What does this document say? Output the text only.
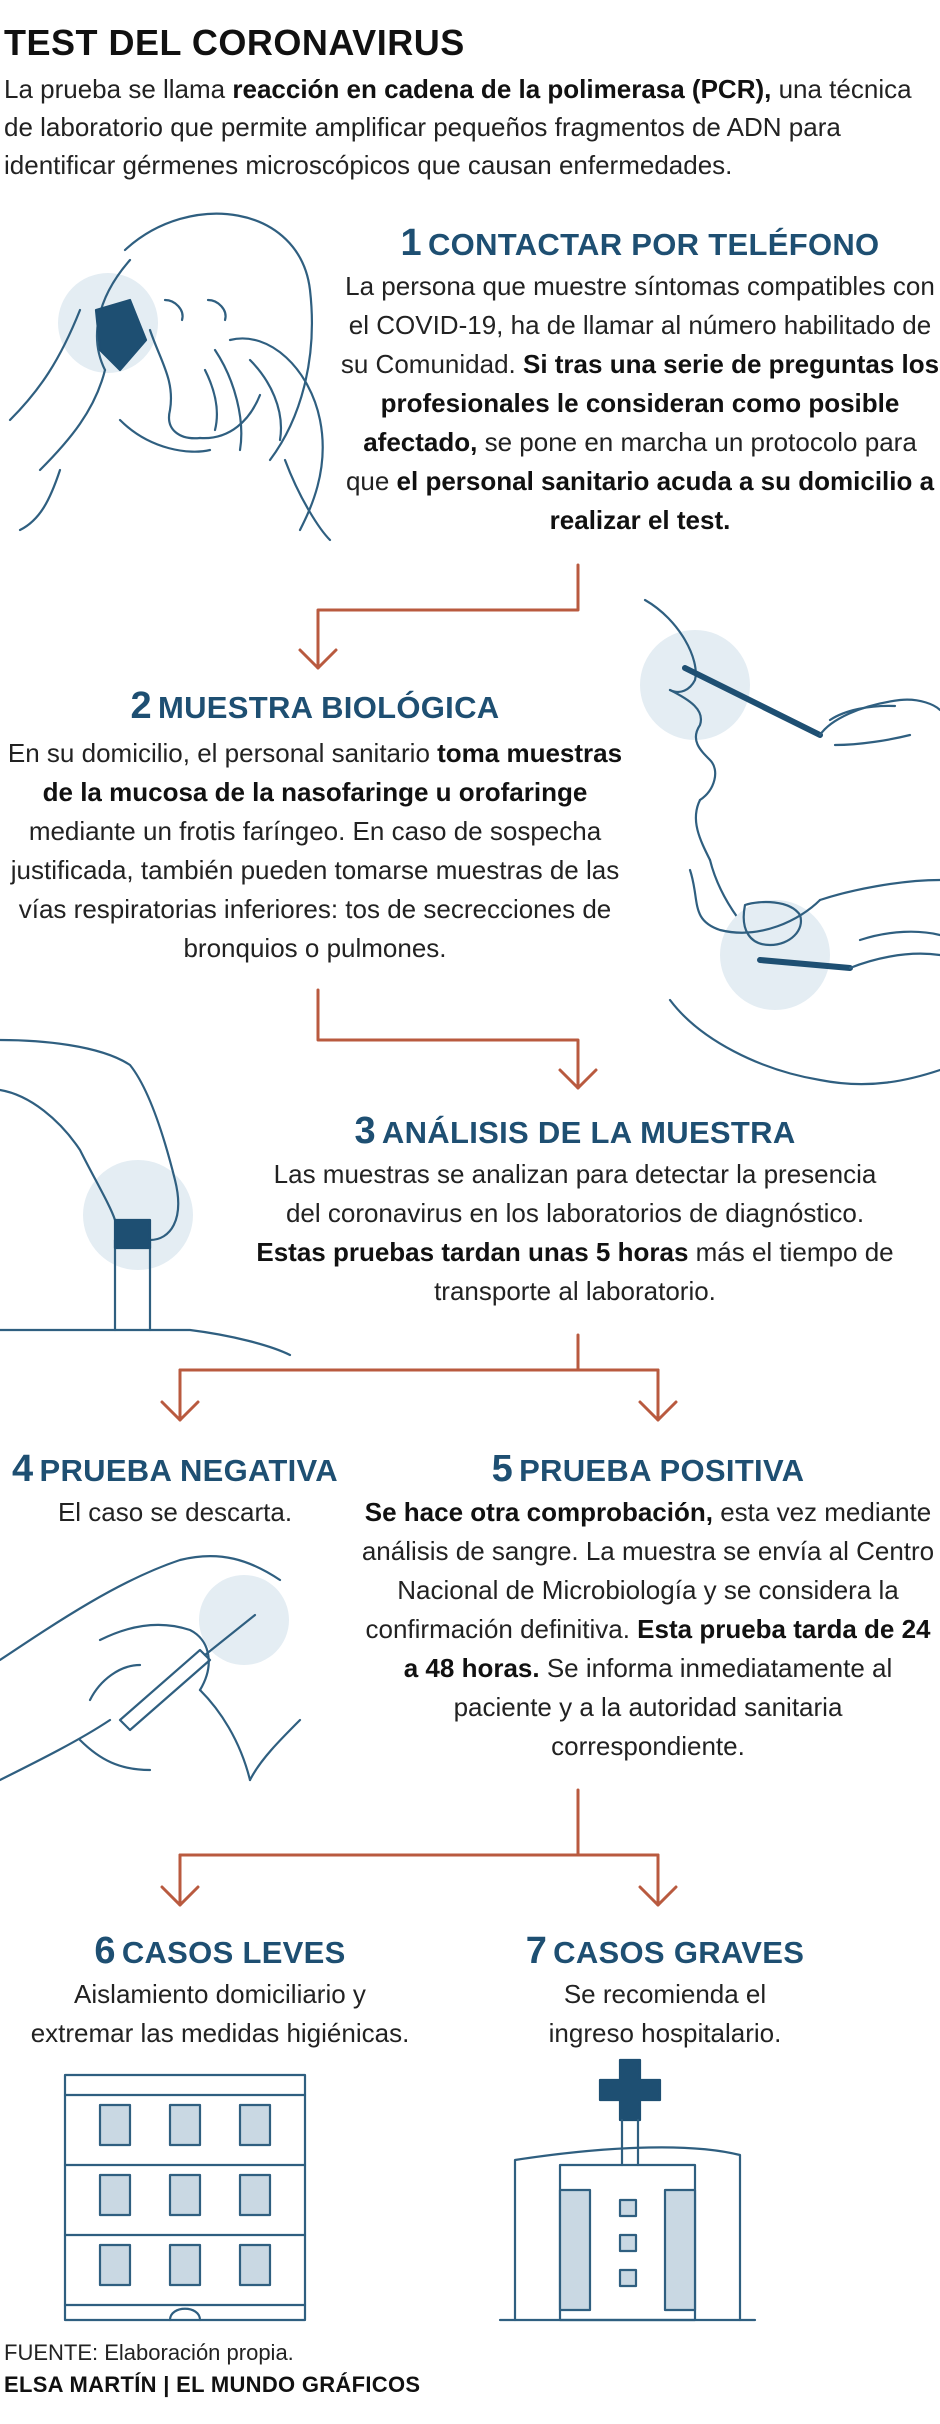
TEST DEL CORONAVIRUS
La prueba se llama reacción en cadena de la polimerasa (PCR), una técnica de laboratorio que permite amplificar pequeños fragmentos de ADN para identificar gérmenes microscópicos que causan enfermedades.
1 CONTACTAR POR TELÉFONO
La persona que muestre síntomas compatibles con el COVID-19, ha de llamar al número habilitado de su Comunidad. Si tras una serie de preguntas los profesionales le consideran como posible afectado, se pone en marcha un protocolo para que el personal sanitario acuda a su domicilio a realizar el test.
2 MUESTRA BIOLÓGICA
En su domicilio, el personal sanitario toma muestras de la mucosa de la nasofaringe u orofaringe mediante un frotis faríngeo. En caso de sospecha justificada, también pueden tomarse muestras de las vías respiratorias inferiores: tos de secrecciones de bronquios o pulmones.
3 ANÁLISIS DE LA MUESTRA
Las muestras se analizan para detectar la presencia del coronavirus en los laboratorios de diagnóstico. Estas pruebas tardan unas 5 horas más el tiempo de transporte al laboratorio.
4 PRUEBA NEGATIVA
El caso se descarta.
5 PRUEBA POSITIVA
Se hace otra comprobación, esta vez mediante análisis de sangre. La muestra se envía al Centro Nacional de Microbiología y se considera la confirmación definitiva. Esta prueba tarda de 24 a 48 horas. Se informa inmediatamente al paciente y a la autoridad sanitaria correspondiente.
6 CASOS LEVES
Aislamiento domiciliario y extremar las medidas higiénicas.
7 CASOS GRAVES
Se recomienda el ingreso hospitalario.
FUENTE: Elaboración propia.
ELSA MARTÍN | EL MUNDO GRÁFICOS
